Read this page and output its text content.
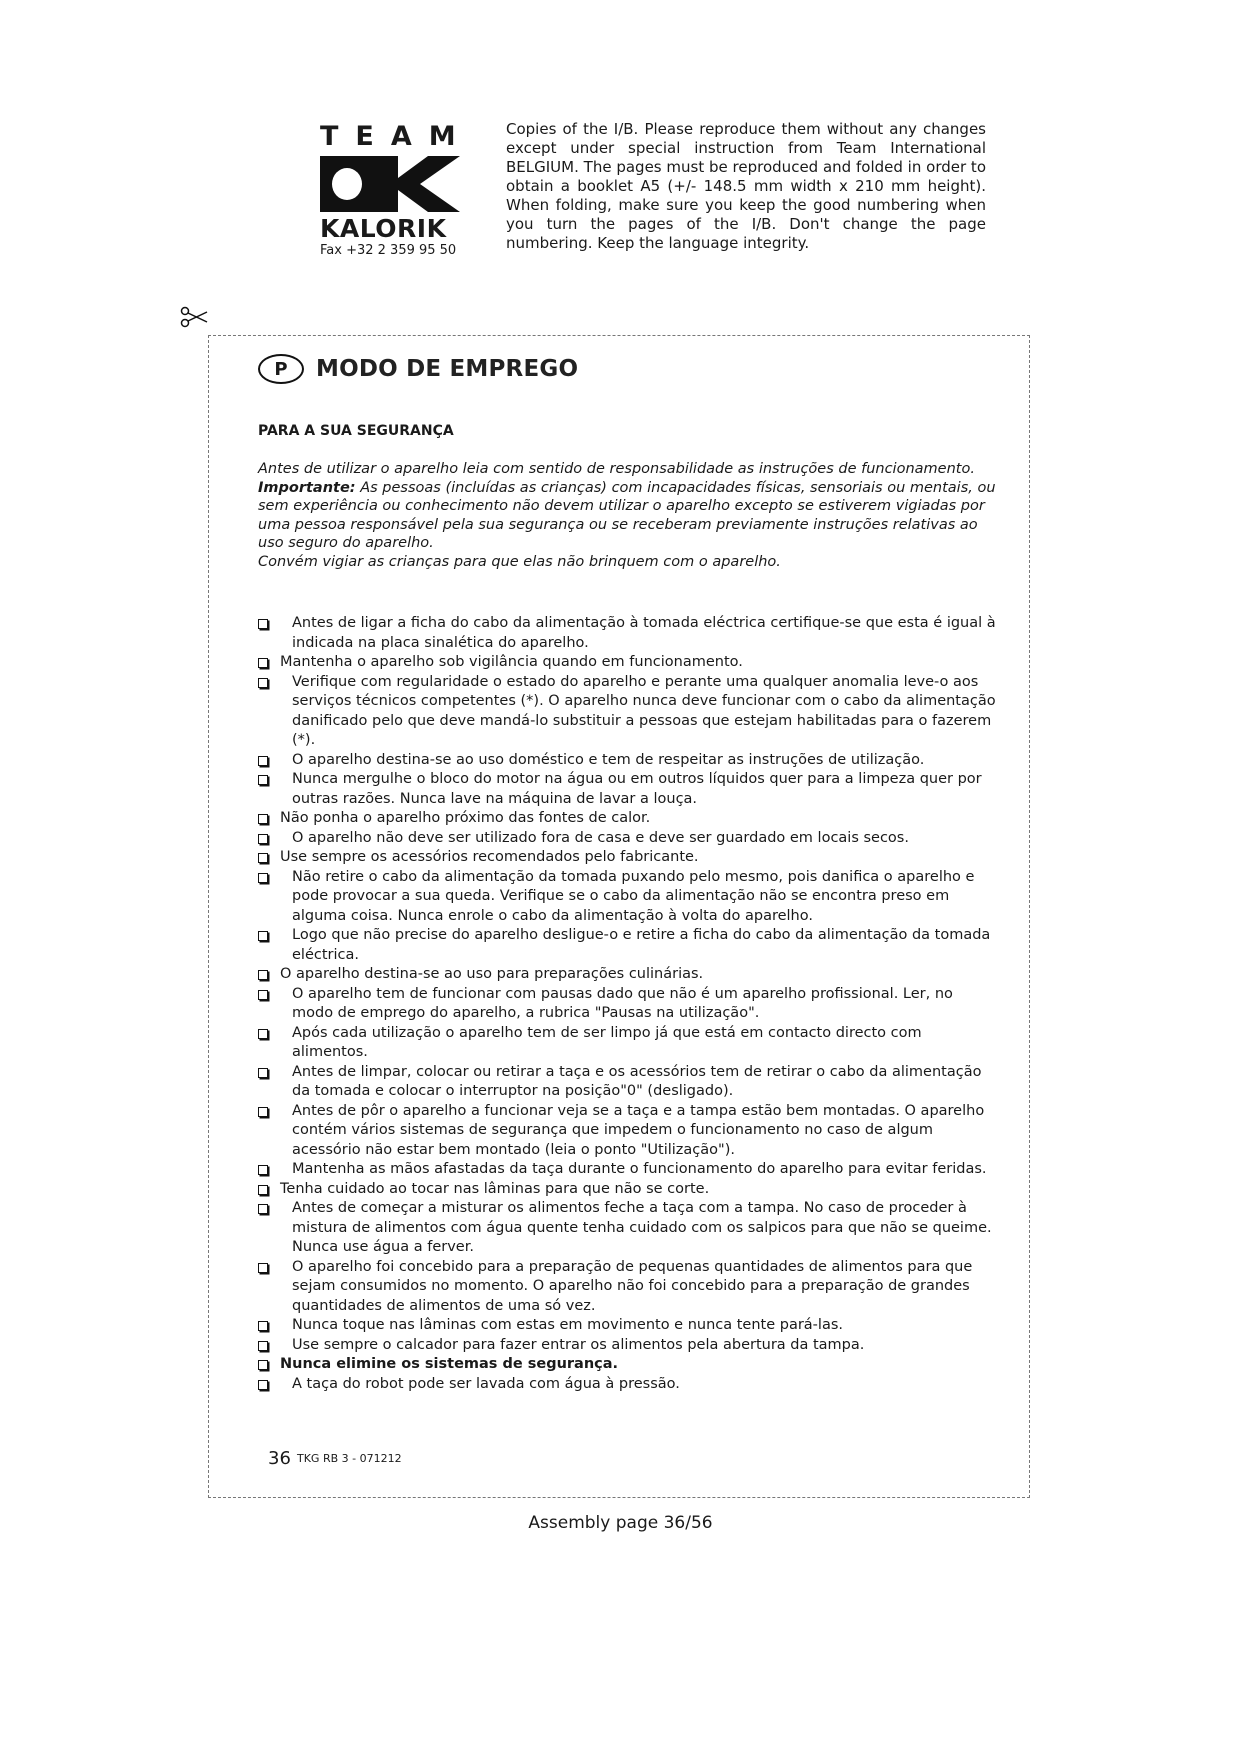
TEAM
KALORIK
Fax +32 2 359 95 50
Copies of the I/B. Please reproduce them without any changes except under special instruction from Team International BELGIUM. The pages must be reproduced and folded in order to obtain a booklet A5 (+/- 148.5 mm width x 210 mm height). When folding, make sure you keep the good numbering when you turn the pages of the I/B. Don't change the page numbering. Keep the language integrity.
P	MODO DE EMPREGO
PARA A SUA SEGURANÇA

Antes de utilizar o aparelho leia com sentido de responsabilidade as instruções de funcionamento.

Importante: As pessoas (incluídas as crianças) com incapacidades físicas, sensoriais ou mentais, ou sem experiência ou conhecimento não devem utilizar o aparelho excepto se estiverem vigiadas por uma pessoa responsável pela sua segurança ou se receberam previamente instruções relativas ao uso seguro do aparelho.

Convém vigiar as crianças para que elas não brinquem com o aparelho.

Antes de ligar a ficha do cabo da alimentação à tomada eléctrica certifique-se que esta é igual à indicada na placa sinalética do aparelho.
Mantenha o aparelho sob vigilância quando em funcionamento.
Verifique com regularidade o estado do aparelho e perante uma qualquer anomalia leve-o aos serviços técnicos competentes (*). O aparelho nunca deve funcionar com o cabo da alimentação danificado pelo que deve mandá-lo substituir a pessoas que estejam habilitadas para o fazerem (*).
O aparelho destina-se ao uso doméstico e tem de respeitar as instruções de utilização.
Nunca mergulhe o bloco do motor na água ou em outros líquidos quer para a limpeza quer por outras razões. Nunca lave na máquina de lavar a louça.
Não ponha o aparelho próximo das fontes de calor.
O aparelho não deve ser utilizado fora de casa e deve ser guardado em locais secos.
Use sempre os acessórios recomendados pelo fabricante.
Não retire o cabo da alimentação da tomada puxando pelo mesmo, pois danifica o aparelho e pode provocar a sua queda. Verifique se o cabo da alimentação não se encontra preso em alguma coisa. Nunca enrole o cabo da alimentação à volta do aparelho.
Logo que não precise do aparelho desligue-o e retire a ficha do cabo da alimentação da tomada eléctrica.
O aparelho destina-se ao uso para preparações culinárias.
O aparelho tem de funcionar com pausas dado que não é um aparelho profissional. Ler, no modo de emprego do aparelho, a rubrica "Pausas na utilização".
Após cada utilização o aparelho tem de ser limpo já que está em contacto directo com alimentos.
Antes de limpar, colocar ou retirar a taça e os acessórios tem de retirar o cabo da alimentação da tomada e colocar o interruptor na posição"0" (desligado).
Antes de pôr o aparelho a funcionar veja se a taça e a tampa estão bem montadas. O aparelho contém vários sistemas de segurança que impedem o funcionamento no caso de algum acessório não estar bem montado (leia o ponto "Utilização").
Mantenha as mãos afastadas da taça durante o funcionamento do aparelho para evitar feridas.
Tenha cuidado ao tocar nas lâminas para que não se corte.
Antes de começar a misturar os alimentos feche a taça com a tampa. No caso de proceder à mistura de alimentos com água quente tenha cuidado com os salpicos para que não se queime. Nunca use água a ferver.
O aparelho foi concebido para a preparação de pequenas quantidades de alimentos para que sejam consumidos no momento. O aparelho não foi concebido para a preparação de grandes quantidades de alimentos de uma só vez.
Nunca toque nas lâminas com estas em movimento e nunca tente pará-las.
Use sempre o calcador para fazer entrar os alimentos pela abertura da tampa.
Nunca elimine os sistemas de segurança.
A taça do robot pode ser lavada com água à pressão.
36 TKG RB 3 - 071212
Assembly page 36/56
